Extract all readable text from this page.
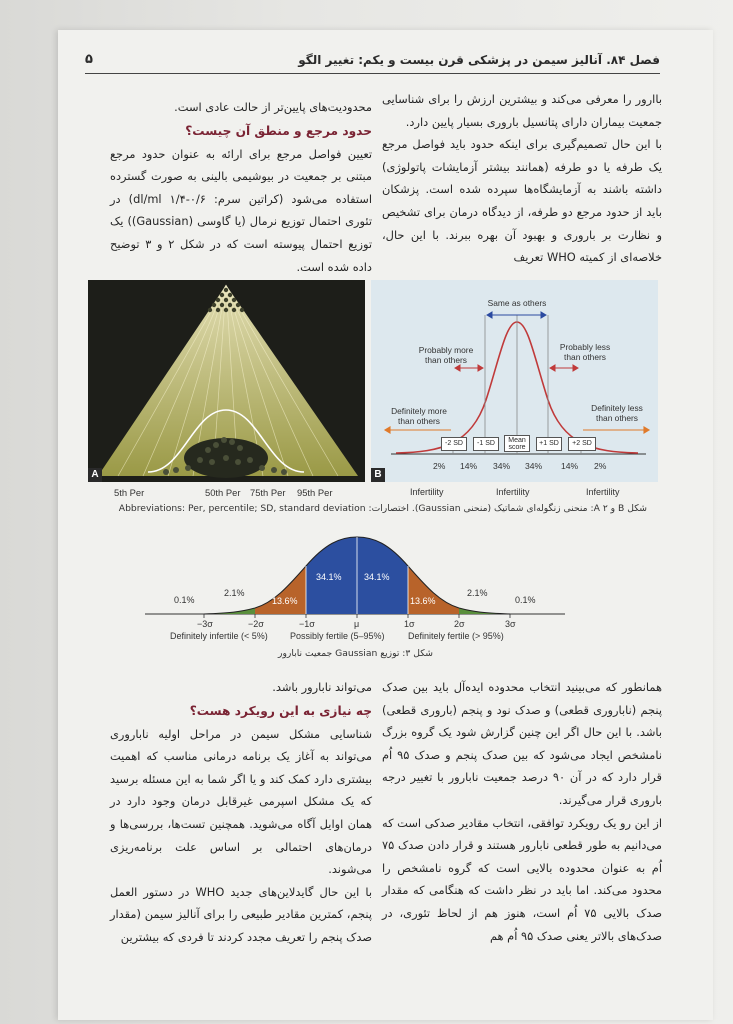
فصل ۸۴. آنالیز سیمن در پزشکی قرن بیست و یکم: تغییر الگو
۵

باارور را معرفی می‌کند و بیشترین ارزش را برای شناسایی جمعیت بیماران دارای پتانسیل باروری بسیار پایین دارد.

با این حال تصمیم‌گیری برای اینکه حدود باید فواصل مرجع یک طرفه یا دو طرفه (همانند بیشتر آزمایشات پاتولوژی) داشته باشند به آزمایشگاه‌ها سپرده شده است. پزشکان باید از حدود مرجع دو طرفه، از دیدگاه درمان برای تشخیص و نظارت بر باروری و بهبود آن بهره ببرند. با این حال، خلاصه‌ای از کمیته WHO تعریف

محدودیت‌های پایین‌تر از حالت عادی است.

حدود مرجع و منطق آن چیست؟

تعیین فواصل مرجع برای ارائه به عنوان حدود مرجع مبتنی بر جمعیت در بیوشیمی بالینی به صورت گسترده استفاده می‌شود (کراتین سرم: dl/ml ۱/۴-۰/۶) در تئوری احتمال توزیع نرمال (یا گاوسی (Gaussian)) یک توزیع احتمال پیوسته است که در شکل ۲ و ۳ توضیح داده شده است.

A	B
Same as others
Probably more
than others
Probably less
than others
Definitely more
than others
Definitely less
than others
-2 SD	-1 SD	Mean
score
+1 SD	+2 SD
2% 14% 34% 34% 14% 2%
5th Per	50th Per 75th Per 95th Per	Infertility	Infertility	Infertility
شکل B و A ۲: منحنی زنگوله‌ای شماتیک (منحنی Gaussian). اختصارات: Abbreviations: Per, percentile; SD, standard deviation
0.1%
2.1%
13.6%
34.1% 34.1%
13.6%
2.1%
0.1%
−3σ	−2σ	−1σ	μ	1σ	2σ	3σ
Definitely infertile (< 5%) Possibly fertile (5–95%)	Definitely fertile (> 95%)
شکل ۳: توزیع Gaussian جمعیت نابارور

همانطور که می‌بینید انتخاب محدوده ایده‌آل باید بین صدک پنجم (ناباروری قطعی) و صدک نود و پنجم (باروری قطعی) باشد. با این حال اگر این چنین گزارش شود یک گروه بزرگ نامشخص ایجاد می‌شود که بین صدک پنجم و صدک ۹۵ اُم قرار دارد که در آن ۹۰ درصد جمعیت نابارور با تغییر درجه باروری قرار می‌گیرند.

از این رو یک رویکرد توافقی، انتخاب مقادیر صدکی است که می‌دانیم به طور قطعی نابارور هستند و قرار دادن صدک ۷۵ اُم به عنوان محدوده بالایی است که گروه نامشخص را محدود می‌کند. اما باید در نظر داشت که هنگامی که مقدار صدک بالایی ۷۵ اُم است، هنوز هم از لحاظ تئوری، در صدک‌های بالاتر یعنی صدک ۹۵ اُم هم

می‌تواند نابارور باشد.

چه نیازی به این رویکرد هست؟

شناسایی مشکل سیمن در مراحل اولیه ناباروری می‌تواند به آغاز یک برنامه درمانی مناسب که اهمیت بیشتری دارد کمک کند و یا اگر شما به این مسئله برسید که یک مشکل اسپرمی غیرقابل درمان وجود دارد در همان اوایل آگاه می‌شوید. همچنین تست‌ها، بررسی‌ها و درمان‌های احتمالی بر اساس علت برنامه‌ریزی می‌شوند.

با این حال گایدلاین‌های جدید WHO در دستور العمل پنجم، کمترین مقادیر طبیعی را برای آنالیز سیمن (مقدار صدک پنجم را تعریف مجدد کردند تا فردی که بیشترین
